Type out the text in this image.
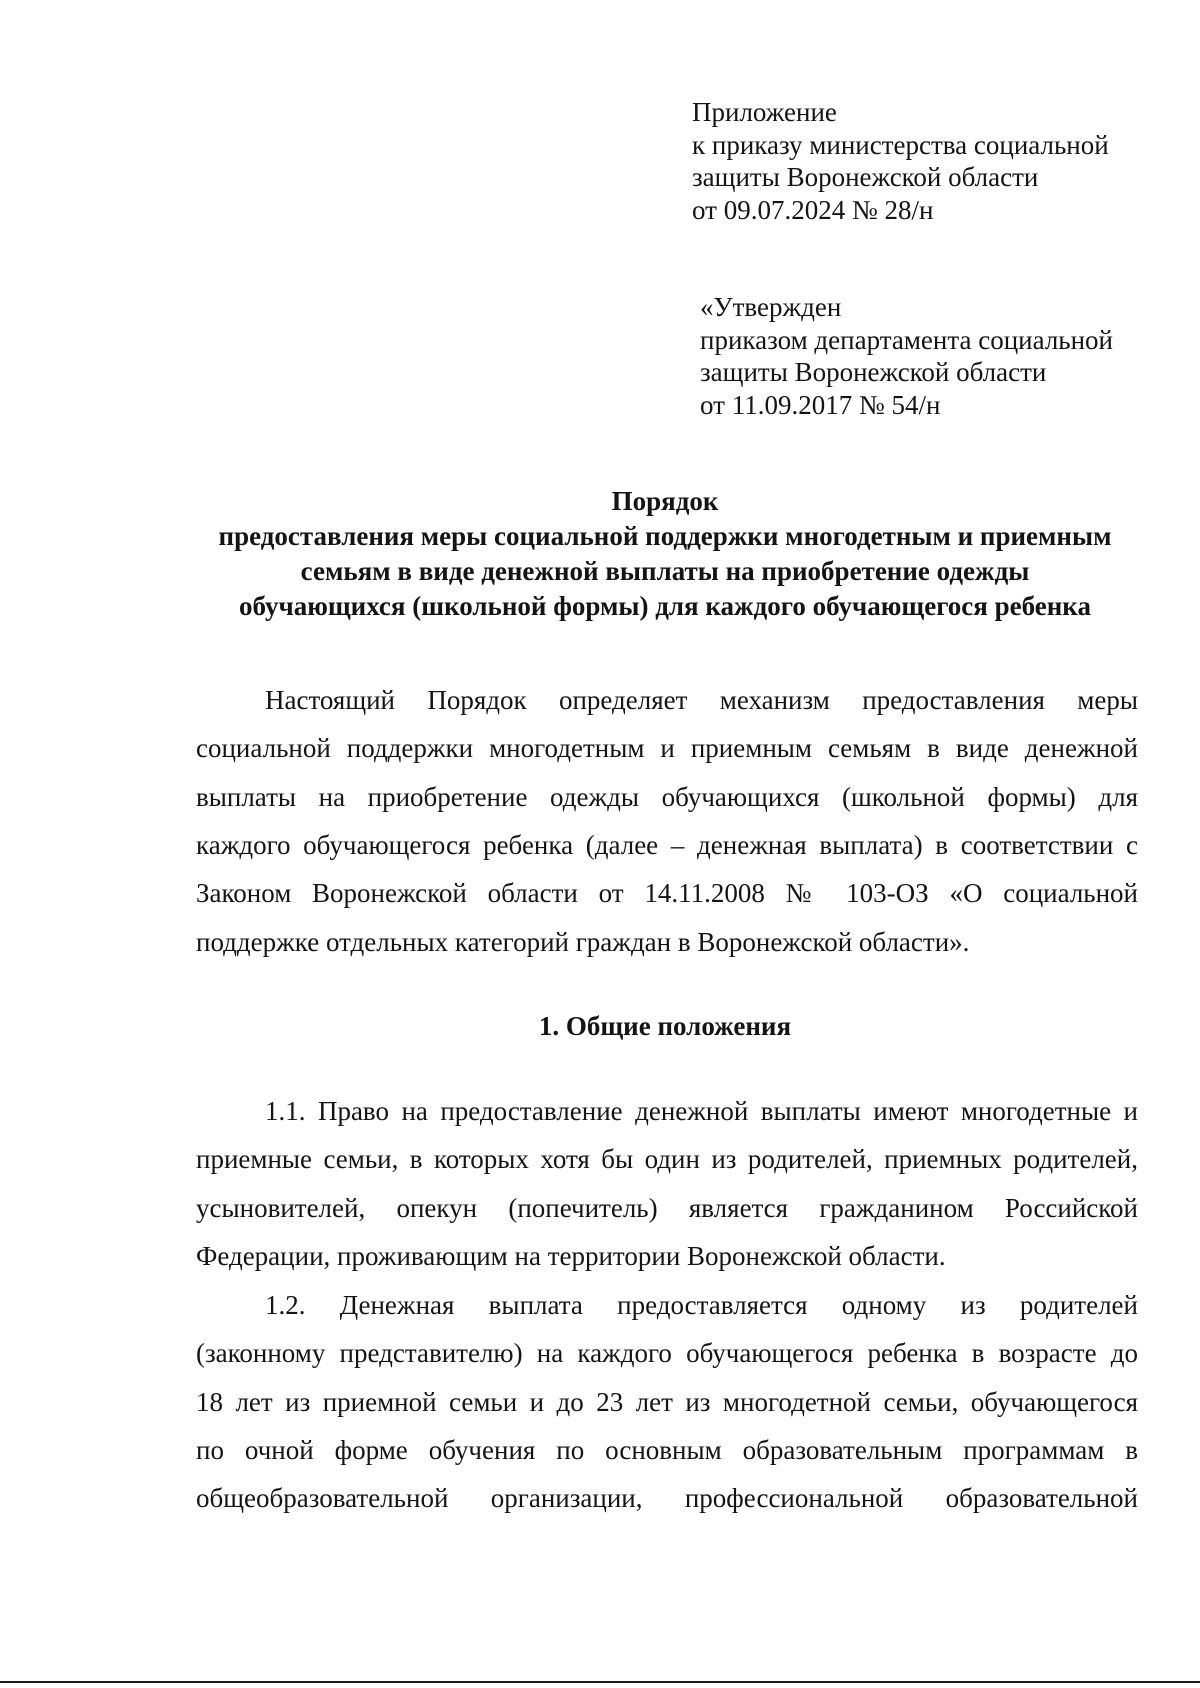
Приложение
к приказу министерства социальной
защиты Воронежской области
от 09.07.2024 № 28/н
«Утвержден
приказом департамента социальной
защиты Воронежской области
от 11.09.2017 № 54/н
Порядок
предоставления меры социальной поддержки многодетным и приемным
семьям в виде денежной выплаты на приобретение одежды
обучающихся (школьной формы) для каждого обучающегося ребенка
Настоящий Порядок определяет механизм предоставления меры
социальной поддержки многодетным и приемным семьям в виде денежной
выплаты на приобретение одежды обучающихся (школьной формы) для
каждого обучающегося ребенка (далее – денежная выплата) в соответствии с
Законом Воронежской области от 14.11.2008 № 103-ОЗ «О социальной
поддержке отдельных категорий граждан в Воронежской области».
1. Общие положения
1.1. Право на предоставление денежной выплаты имеют многодетные и
приемные семьи, в которых хотя бы один из родителей, приемных родителей,
усыновителей, опекун (попечитель) является гражданином Российской
Федерации, проживающим на территории Воронежской области.
1.2. Денежная выплата предоставляется одному из родителей
(законному представителю) на каждого обучающегося ребенка в возрасте до
18 лет из приемной семьи и до 23 лет из многодетной семьи, обучающегося
по очной форме обучения по основным образовательным программам в
общеобразовательной организации, профессиональной образовательной
